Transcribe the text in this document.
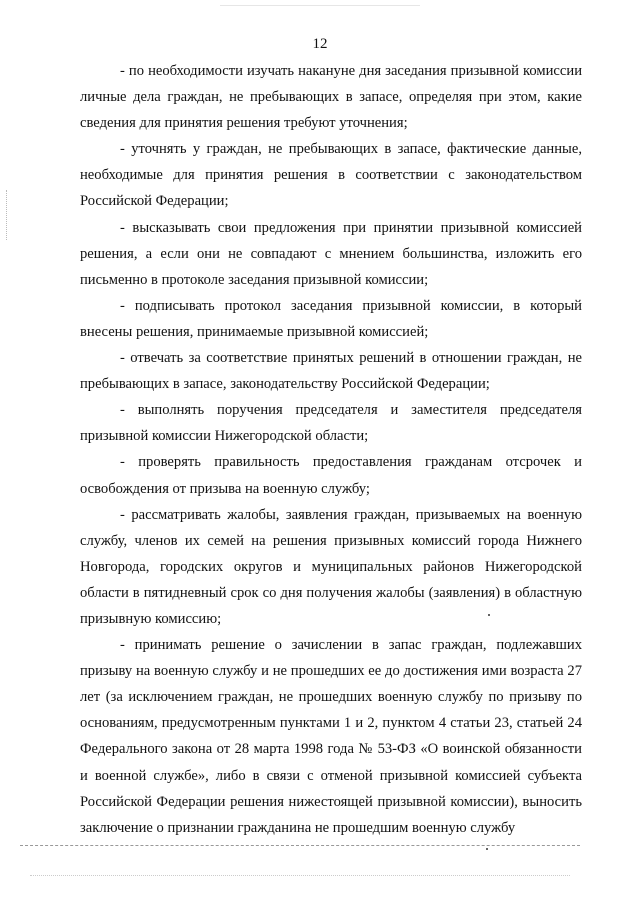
12

- по необходимости изучать накануне дня заседания призывной комиссии личные дела граждан, не пребывающих в запасе, определяя при этом, какие сведения для принятия решения требуют уточнения;

- уточнять у граждан, не пребывающих в запасе, фактические данные, необходимые для принятия решения в соответствии с законодательством Российской Федерации;

- высказывать свои предложения при принятии призывной комиссией решения, а если они не совпадают с мнением большинства, изложить его письменно в протоколе заседания призывной комиссии;

- подписывать протокол заседания призывной комиссии, в который внесены решения, принимаемые призывной комиссией;

- отвечать за соответствие принятых решений в отношении граждан, не пребывающих в запасе, законодательству Российской Федерации;

- выполнять поручения председателя и заместителя председателя призывной комиссии Нижегородской области;

- проверять правильность предоставления гражданам отсрочек и освобождения от призыва на военную службу;

- рассматривать жалобы, заявления граждан, призываемых на военную службу, членов их семей на решения призывных комиссий города Нижнего Новгорода, городских округов и муниципальных районов Нижегородской области в пятидневный срок со дня получения жалобы (заявления) в областную призывную комиссию;

- принимать решение о зачислении в запас граждан, подлежавших призыву на военную службу и не прошедших ее до достижения ими возраста 27 лет (за исключением граждан, не прошедших военную службу по призыву по основаниям, предусмотренным пунктами 1 и 2, пунктом 4 статьи 23, статьей 24 Федерального закона от 28 марта 1998 года № 53-ФЗ «О воинской обязанности и военной службе», либо в связи с отменой призывной комиссией субъекта Российской Федерации решения нижестоящей призывной комиссии), выносить заключение о признании гражданина не прошедшим военную службу
